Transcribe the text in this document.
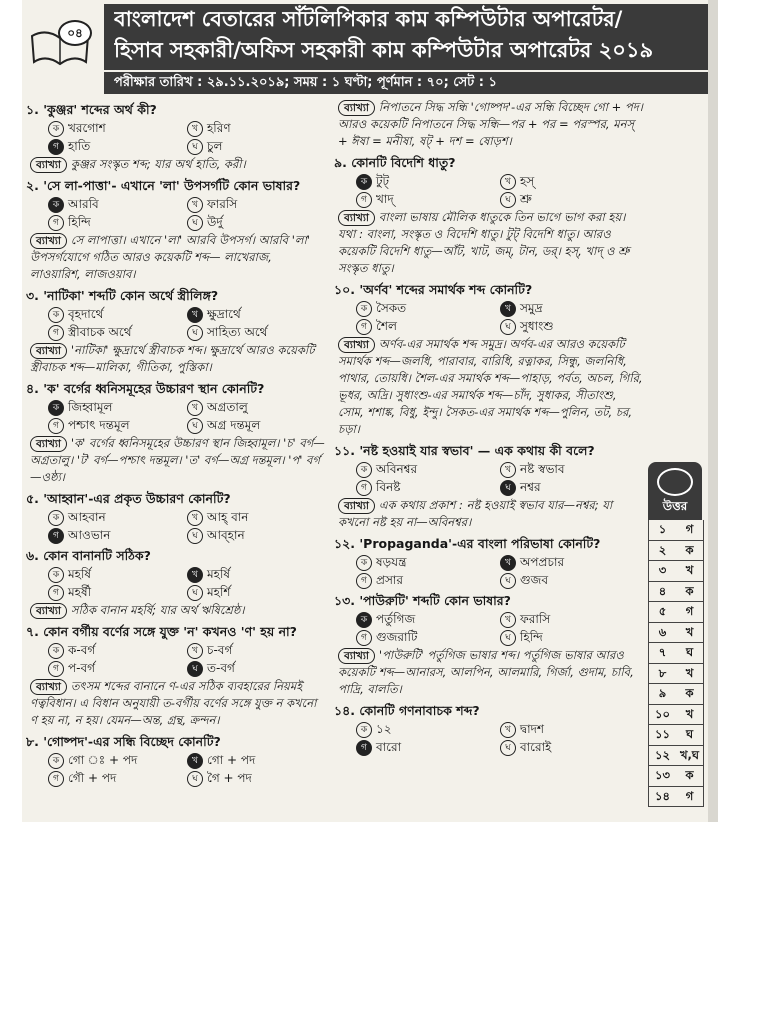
০৪
বাংলাদেশ বেতারের সাঁটলিপিকার কাম কম্পিউটার অপারেটর/
হিসাব সহকারী/অফিস সহকারী কাম কম্পিউটার অপারেটর ২০১৯
পরীক্ষার তারিখ : ২৯.১১.২০১৯; সময় : ১ ঘণ্টা; পূর্ণমান : ৭০; সেট : ১
১. 'কুঞ্জর' শব্দের অর্থ কী?
ক খরগোশ	খ হরিণ
গ হাতি	ঘ চুল
ব্যাখ্যা কুঞ্জর সংস্কৃত শব্দ; যার অর্থ হাতি, করী।
২. 'সে লা-পাত্তা'- এখানে 'লা' উপসর্গটি কোন ভাষার?
ক আরবি	খ ফারসি
গ হিন্দি	ঘ উর্দু
ব্যাখ্যা সে লাপাত্তা। এখানে 'লা' আরবি উপসর্গ। আরবি 'লা' উপসর্গযোগে গঠিত আরও কয়েকটি শব্দ— লাখেরাজ, লাওয়ারিশ, লাজওয়াব।
৩. 'নাটিকা' শব্দটি কোন অর্থে স্ত্রীলিঙ্গ?
ক বৃহদার্থে	খ ক্ষুদ্রার্থে
গ স্ত্রীবাচক অর্থে	ঘ সাহিত্য অর্থে
ব্যাখ্যা 'নাটিকা' ক্ষুদ্রার্থে স্ত্রীবাচক শব্দ। ক্ষুদ্রার্থে আরও কয়েকটি স্ত্রীবাচক শব্দ—মালিকা, গীতিকা, পুস্তিকা।
৪. 'ক' বর্গের ধ্বনিসমূহের উচ্চারণ স্থান কোনটি?
ক জিহ্বামূল	খ অগ্রতালু
গ পশ্চাৎ দন্তমূল	ঘ অগ্র দন্তমূল
ব্যাখ্যা 'ক' বর্গের ধ্বনিসমূহের উচ্চারণ স্থান জিহ্বামূল। 'চ' বর্গ—অগ্রতালু। 'ট' বর্গ—পশ্চাৎ দন্তমূল। 'ত' বর্গ—অগ্র দন্তমূল। 'প' বর্গ—ওষ্ঠ্য।
৫. 'আহ্বান'-এর প্রকৃত উচ্চারণ কোনটি?
ক আহবান	খ আহ্ বান
গ আওভান	ঘ আব্হান
৬. কোন বানানটি সঠিক?
ক মহর্ষি	খ মহর্ষি
গ মহর্ষী	ঘ মহর্শি
ব্যাখ্যা সঠিক বানান মহর্ষি; যার অর্থ ঋষিশ্রেষ্ঠ।
৭. কোন বর্গীয় বর্ণের সঙ্গে যুক্ত 'ন' কখনও 'ণ' হয় না?
ক ক-বর্গ	খ চ-বর্গ
গ প-বর্গ	ঘ ত-বর্গ
ব্যাখ্যা তৎসম শব্দের বানানে ণ-এর সঠিক ব্যবহারের নিয়মই ণত্ববিধান। এ বিধান অনুযায়ী ত-বর্গীয় বর্ণের সঙ্গে যুক্ত ন কখনো ণ হয় না, ন হয়। যেমন—অন্ত, গ্রন্থ, ক্রন্দন।
৮. 'গোষ্পদ'-এর সন্ধি বিচ্ছেদ কোনটি?
ক গো ঃ + পদ	খ গো + পদ
গ গৌ + পদ	ঘ গৈ + পদ
ব্যাখ্যা নিপাতনে সিদ্ধ সন্ধি 'গোষ্পদ'-এর সন্ধি বিচ্ছেদ গো + পদ। আরও কয়েকটি নিপাতনে সিদ্ধ সন্ধি—পর + পর = পরস্পর, মনস্ + ঈষা = মনীষা, ষট্ + দশ = ষোড়শ।
৯. কোনটি বিদেশি ধাতু?
ক টুট্	খ হস্
গ খাদ্	ঘ শ্রু
ব্যাখ্যা বাংলা ভাষায় মৌলিক ধাতুকে তিন ভাগে ভাগ করা হয়। যথা : বাংলা, সংস্কৃত ও বিদেশি ধাতু। টুট্ বিদেশি ধাতু। আরও কয়েকটি বিদেশি ধাতু—আঁট, খাট, জম্, টান, ডর্। হস্, খাদ্ ও শ্রু সংস্কৃত ধাতু।
১০. 'অর্ণব' শব্দের সমার্থক শব্দ কোনটি?
ক সৈকত	খ সমুদ্র
গ শৈল	ঘ সুধাংশু
ব্যাখ্যা অর্ণব-এর সমার্থক শব্দ সমুদ্র। অর্ণব-এর আরও কয়েকটি সমার্থক শব্দ—জলধি, পারাবার, বারিধি, রত্নাকর, সিন্ধু, জলনিধি, পাথার, তোয়ধি। শৈল-এর সমার্থক শব্দ—পাহাড়, পর্বত, অচল, গিরি, ভূধর, অদ্রি। সুধাংশু-এর সমার্থক শব্দ—চাঁদ, সুধাকর, সীতাংশু, সোম, শশাঙ্ক, বিধু, ইন্দু। সৈকত-এর সমার্থক শব্দ—পুলিন, তট, চর, চড়া।
১১. 'নষ্ট হওয়াই যার স্বভাব' — এক কথায় কী বলে?
ক অবিনশ্বর	খ নষ্ট স্বভাব
গ বিনষ্ট	ঘ নশ্বর
ব্যাখ্যা এক কথায় প্রকাশ : নষ্ট হওয়াই স্বভাব যার—নশ্বর; যা কখনো নষ্ট হয় না—অবিনশ্বর।
১২. 'Propaganda'-এর বাংলা পরিভাষা কোনটি?
ক ষড়যন্ত্র	খ অপপ্রচার
গ প্রসার	ঘ গুজব
১৩. 'পাউরুটি' শব্দটি কোন ভাষার?
ক পর্তুগিজ	খ ফরাসি
গ গুজরাটি	ঘ হিন্দি
ব্যাখ্যা 'পাউরুটি' পর্তুগিজ ভাষার শব্দ। পর্তুগিজ ভাষার আরও কয়েকটি শব্দ—আনারস, আলপিন, আলমারি, গির্জা, গুদাম, চাবি, পাদ্রি, বালতি।
১৪. কোনটি গণনাবাচক শব্দ?
ক ১২	খ দ্বাদশ
গ বারো	ঘ বারোই
উত্তর
১	গ
২	ক
৩	খ
৪	ক
৫	গ
৬	খ
৭	ঘ
৮	খ
৯	ক
১০	খ
১১	ঘ
১২ খ,ঘ
১৩	ক
১৪	গ
